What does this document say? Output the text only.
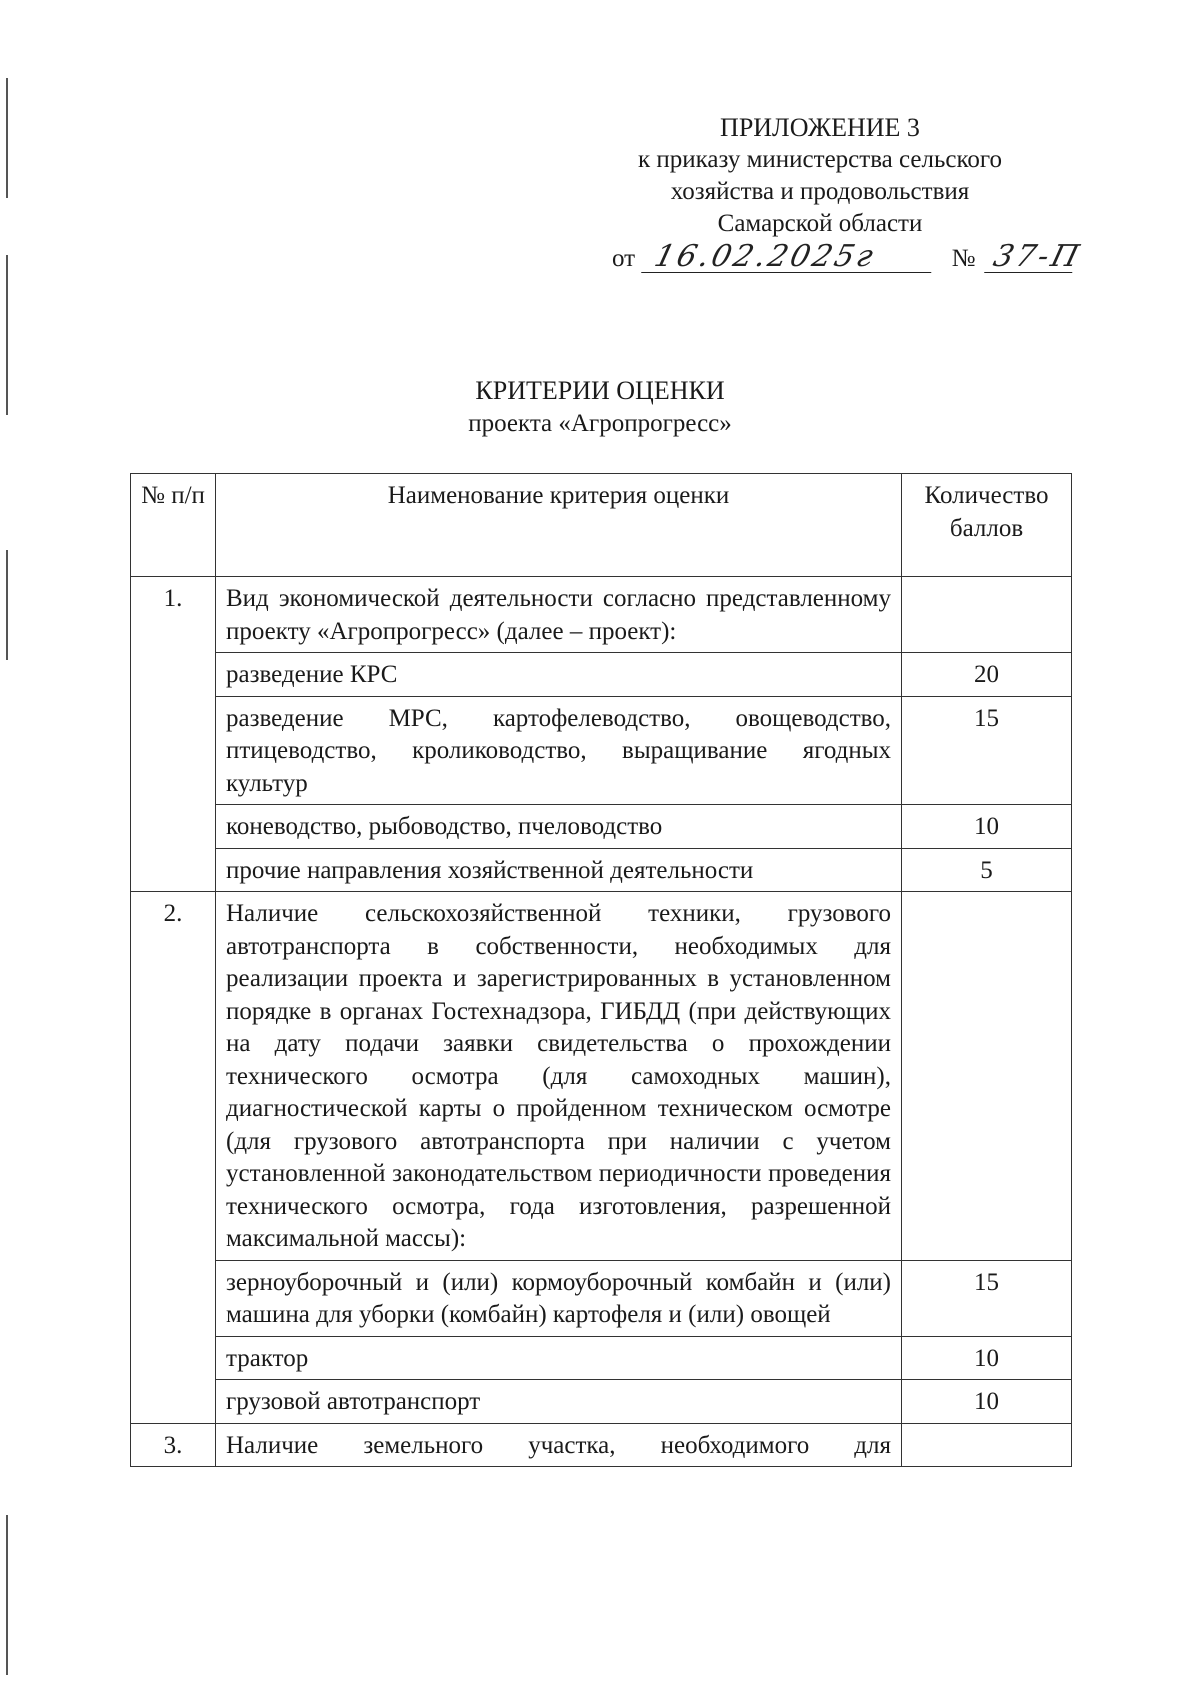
ПРИЛОЖЕНИЕ 3
к приказу министерства сельского
хозяйства и продовольствия
Самарской области
от 16.02.2025г	№ 37-П
КРИТЕРИИ ОЦЕНКИ
проекта «Агропрогресс»
№ п/п	Наименование критерия оценки	Количество баллов
1.	Вид экономической деятельности согласно представленному проекту «Агропрогресс» (далее – проект):	
	разведение КРС	20
	разведение МРС, картофелеводство, овощеводство, птицеводство, кролиководство, выращивание ягодных культур	15
	коневодство, рыбоводство, пчеловодство	10
	прочие направления хозяйственной деятельности	5
2.	Наличие сельскохозяйственной техники, грузового автотранспорта в собственности, необходимых для реализации проекта и зарегистрированных в установленном порядке в органах Гостехнадзора, ГИБДД (при действующих на дату подачи заявки свидетельства о прохождении технического осмотра (для самоходных машин), диагностической карты о пройденном техническом осмотре (для грузового автотранспорта при наличии с учетом установленной законодательством периодичности проведения технического осмотра, года изготовления, разрешенной максимальной массы):	
	зерноуборочный и (или) кормоуборочный комбайн и (или) машина для уборки (комбайн) картофеля и (или) овощей	15
	трактор	10
	грузовой автотранспорт	10
3.	Наличие земельного участка, необходимого для	
